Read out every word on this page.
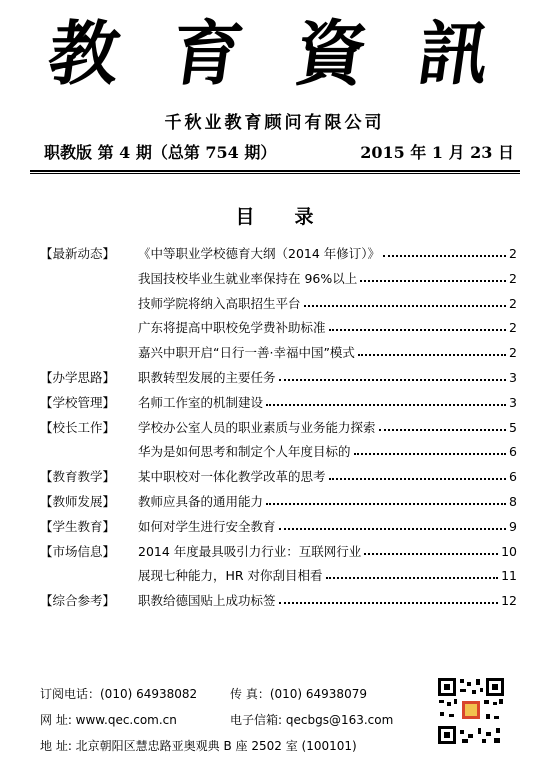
教 育 資 訊
千秋业教育顾问有限公司
职教版 第 4 期（总第 754 期）	2015 年 1 月 23 日
目录
【最新动态】 《中等职业学校德育大纲（2014 年修订）》	2
我国技校毕业生就业率保持在 96%以上	2
技师学院将纳入高职招生平台	2
广东将提高中职校免学费补助标准	2
嘉兴中职开启“日行一善·幸福中国”模式	2
【办学思路】 职教转型发展的主要任务	3
【学校管理】 名师工作室的机制建设	3
【校长工作】 学校办公室人员的职业素质与业务能力探索	5
华为是如何思考和制定个人年度目标的	6
【教育教学】 某中职校对一体化教学改革的思考	6
【教师发展】 教师应具备的通用能力	8
【学生教育】 如何对学生进行安全教育	9
【市场信息】 2014 年度最具吸引力行业：互联网行业	10
展现七种能力，HR 对你刮目相看	11
【综合参考】 职教给德国贴上成功标签	12
订阅电话：(010) 64938082	传 真：(010) 64938079
网 址: www.qec.com.cn	电子信箱: qecbgs@163.com
地 址: 北京朝阳区慧忠路亚奥观典 B 座 2502 室 (100101)
